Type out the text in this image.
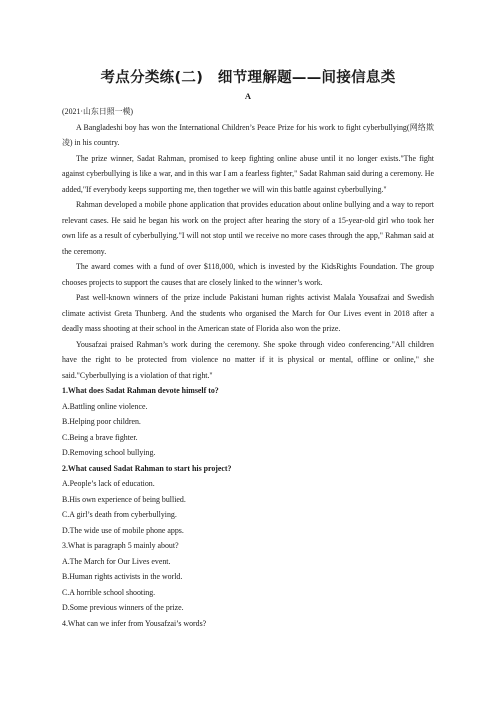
考点分类练(二)　细节理解题——间接信息类
A

(2021·山东日照一模)

A Bangladeshi boy has won the International Children’s Peace Prize for his work to fight cyberbullying(网络欺凌) in his country.

The prize winner, Sadat Rahman, promised to keep fighting online abuse until it no longer exists."The fight against cyberbullying is like a war, and in this war I am a fearless fighter," Sadat Rahman said during a ceremony. He added,"If everybody keeps supporting me, then together we will win this battle against cyberbullying."

Rahman developed a mobile phone application that provides education about online bullying and a way to report relevant cases. He said he began his work on the project after hearing the story of a 15-year-old girl who took her own life as a result of cyberbullying."I will not stop until we receive no more cases through the app," Rahman said at the ceremony.

The award comes with a fund of over $118,000, which is invested by the KidsRights Foundation. The group chooses projects to support the causes that are closely linked to the winner’s work.

Past well-known winners of the prize include Pakistani human rights activist Malala Yousafzai and Swedish climate activist Greta Thunberg. And the students who organised the March for Our Lives event in 2018 after a deadly mass shooting at their school in the American state of Florida also won the prize.

Yousafzai praised Rahman’s work during the ceremony. She spoke through video conferencing."All children have the right to be protected from violence no matter if it is physical or mental, offline or online," she said."Cyberbullying is a violation of that right."

1.What does Sadat Rahman devote himself to?

A.Battling online violence.

B.Helping poor children.

C.Being a brave fighter.

D.Removing school bullying.

2.What caused Sadat Rahman to start his project?

A.People’s lack of education.

B.His own experience of being bullied.

C.A girl’s death from cyberbullying.

D.The wide use of mobile phone apps.

3.What is paragraph 5 mainly about?

A.The March for Our Lives event.

B.Human rights activists in the world.

C.A horrible school shooting.

D.Some previous winners of the prize.

4.What can we infer from Yousafzai’s words?
